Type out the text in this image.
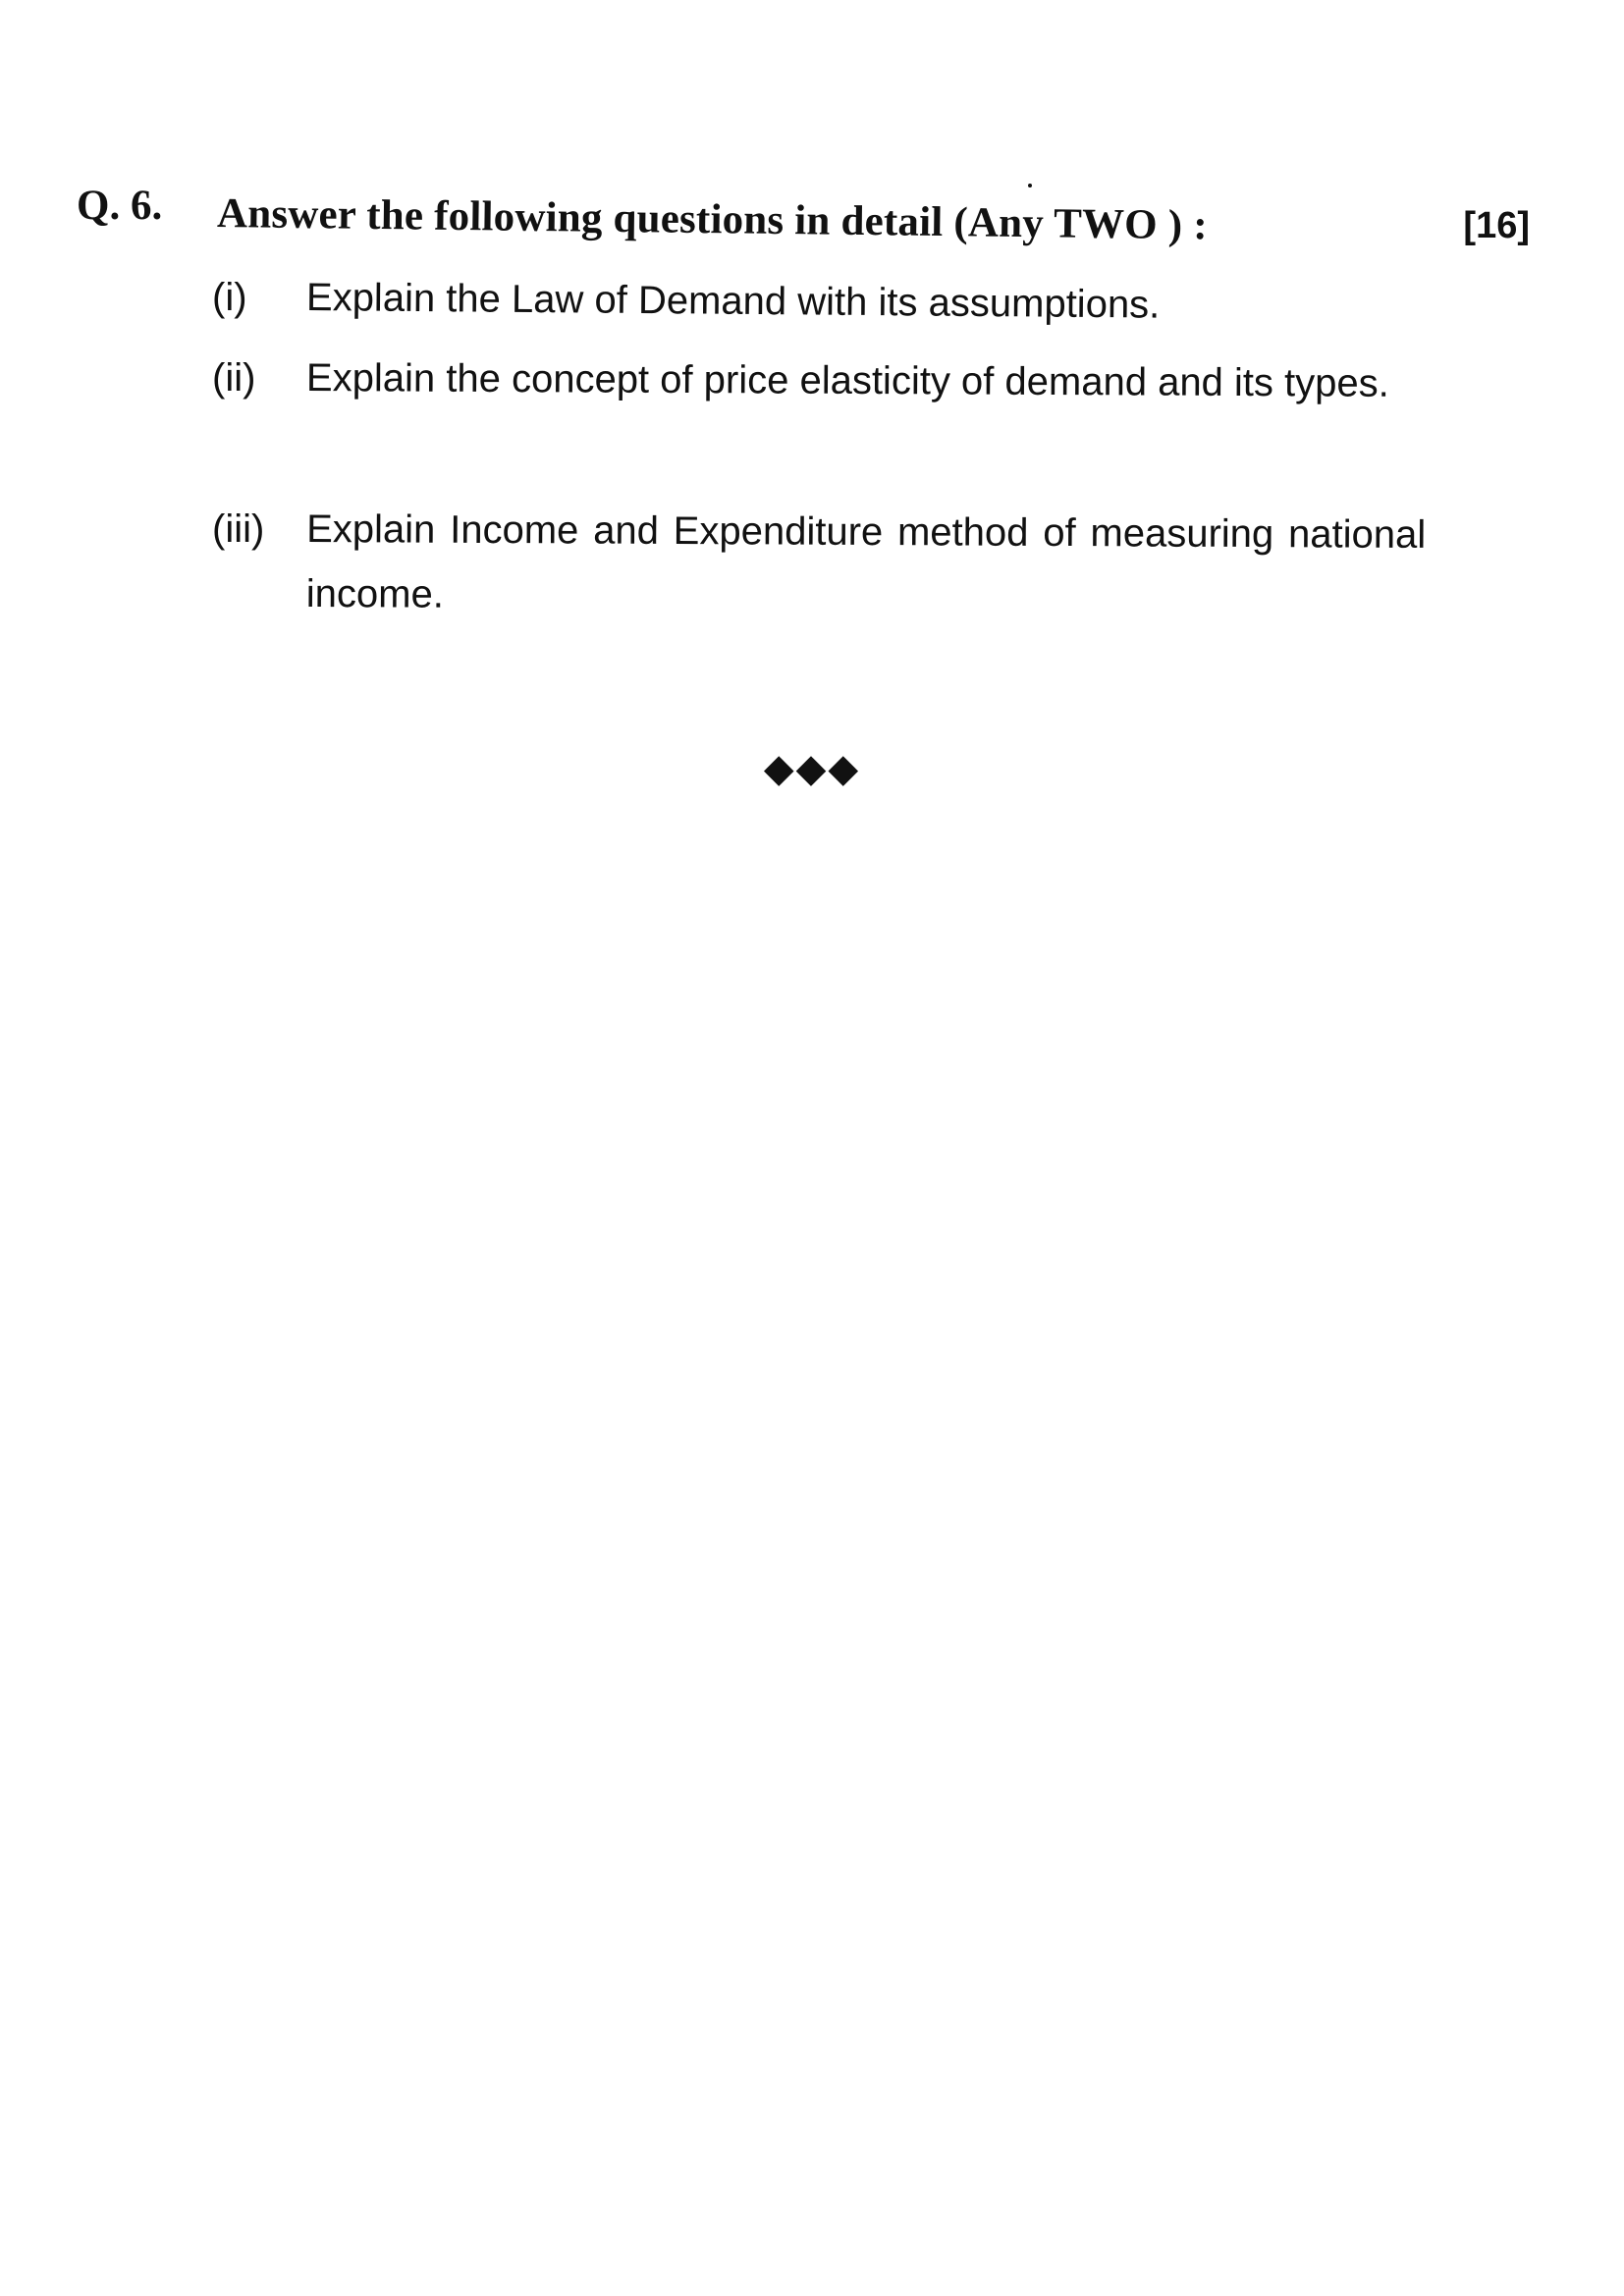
Q. 6. Answer the following questions in detail (Any TWO ) :	[16]
(i) Explain the Law of Demand with its assumptions.
(ii) Explain the concept of price elasticity of demand and its types.
(iii) Explain Income and Expenditure method of measuring national income.
◆◆◆
